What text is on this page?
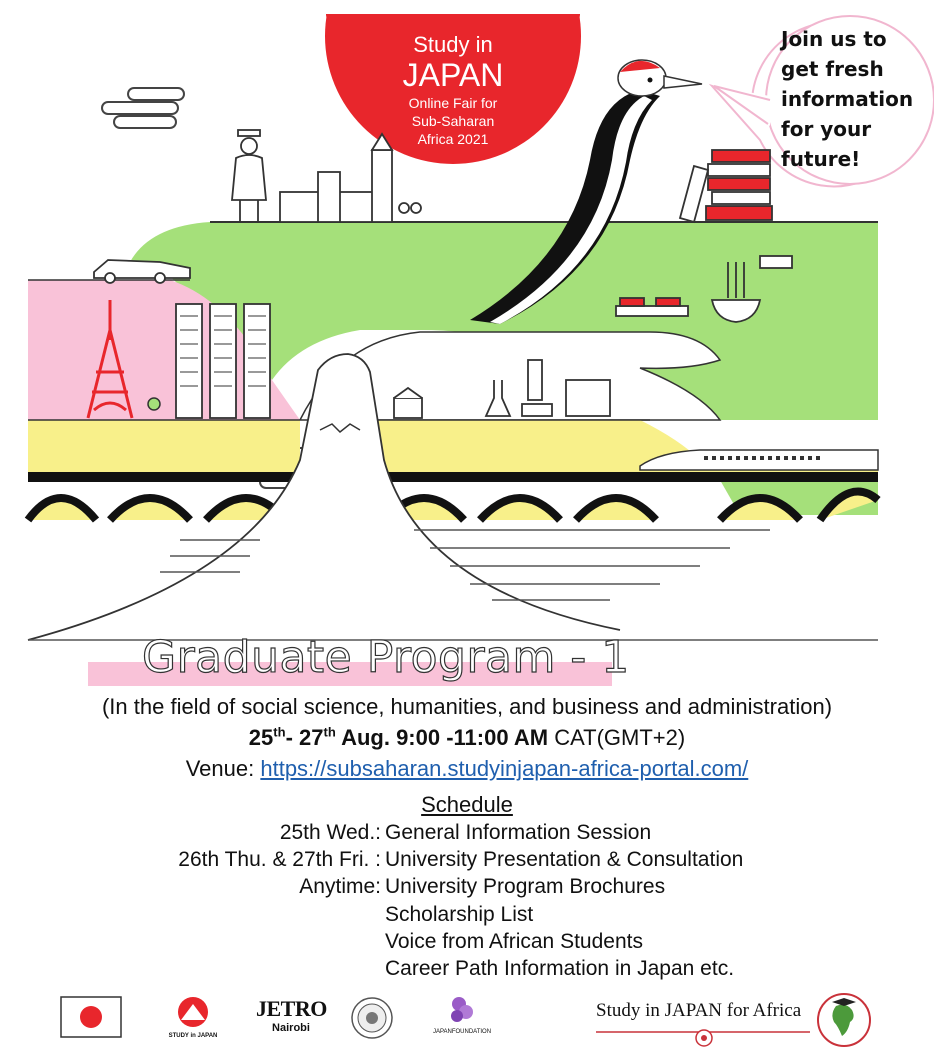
Study in
JAPAN
Online Fair for
Sub-Saharan
Africa 2021
Join us to
get fresh
information
for your
future!
Graduate Program - 1
(In the field of social science, humanities, and business and administration)
25th- 27th Aug. 9:00 -11:00 AM CAT(GMT+2)
Venue: https://subsaharan.studyinjapan-africa-portal.com/
Schedule
25th Wed.: General Information Session
26th Thu. & 27th Fri. : University Presentation & Consultation
Anytime: University Program Brochures
Scholarship List
Voice from African Students
Career Path Information in Japan etc.
STUDY in JAPAN
JETRO
Nairobi	JAPANFOUNDATION
Study in JAPAN for Africa
